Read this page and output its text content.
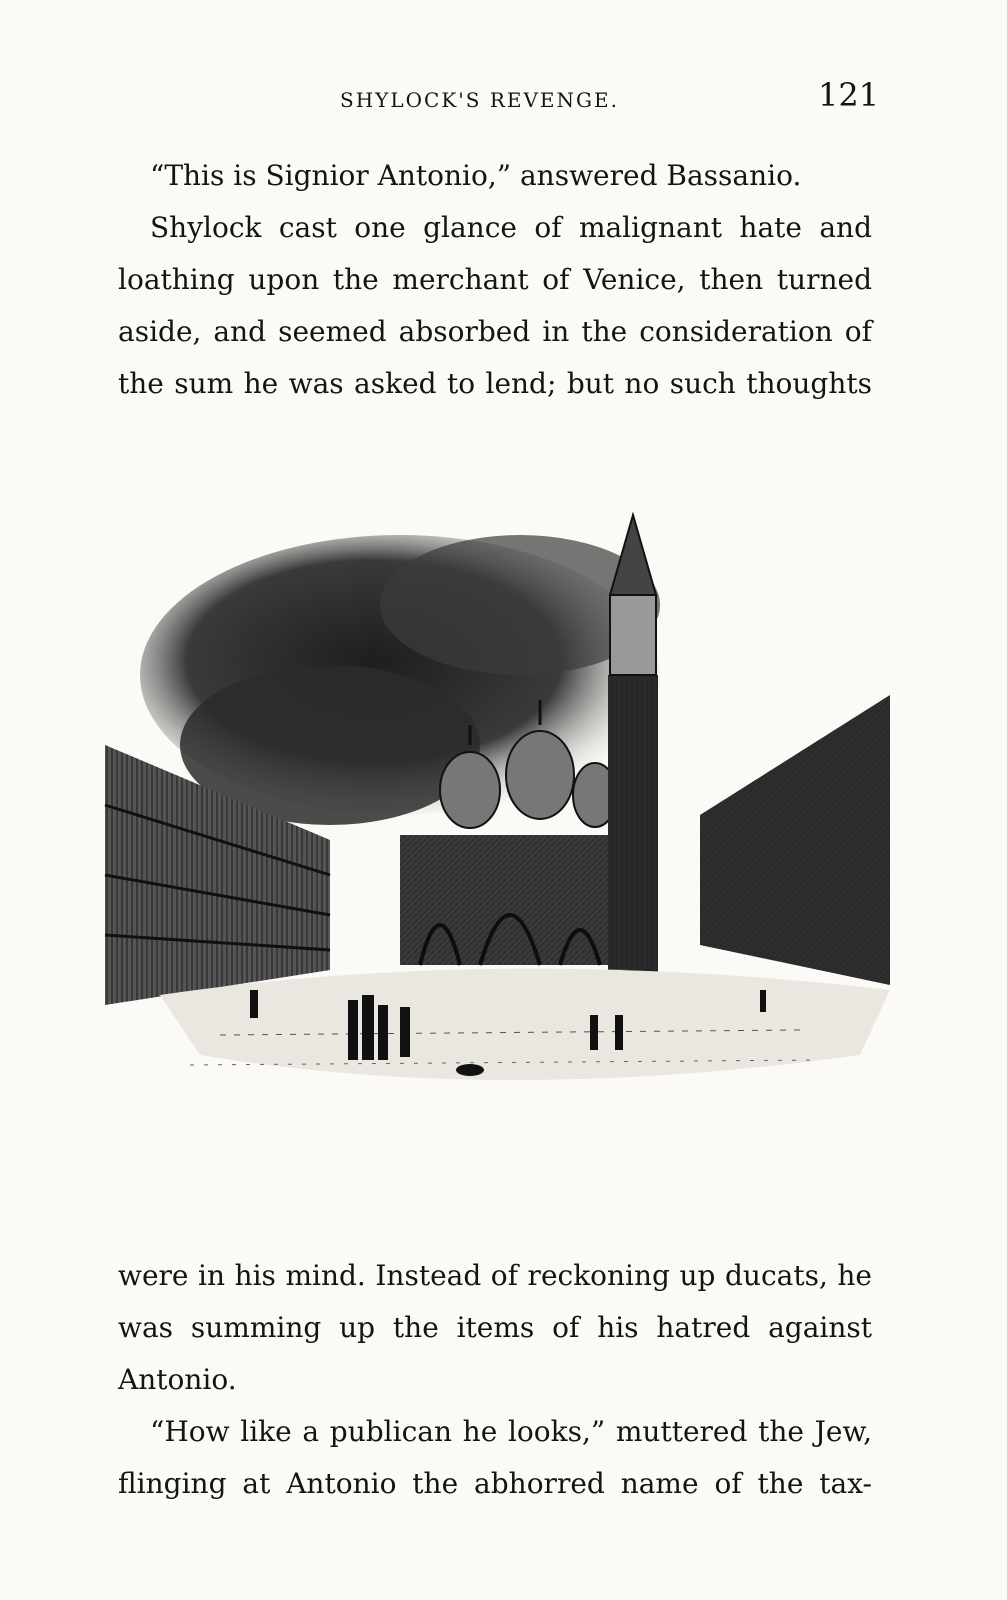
SHYLOCK'S REVENGE.	121
“This is Signior Antonio,” answered Bassanio.
Shylock cast one glance of malignant hate and
loathing upon the merchant of Venice, then turned
aside, and seemed absorbed in the consideration of
the sum he was asked to lend; but no such thoughts
were in his mind. Instead of reckoning up ducats, he
was summing up the items of his hatred against
Antonio.
“How like a publican he looks,” muttered the Jew,
flinging at Antonio the abhorred name of the tax-
